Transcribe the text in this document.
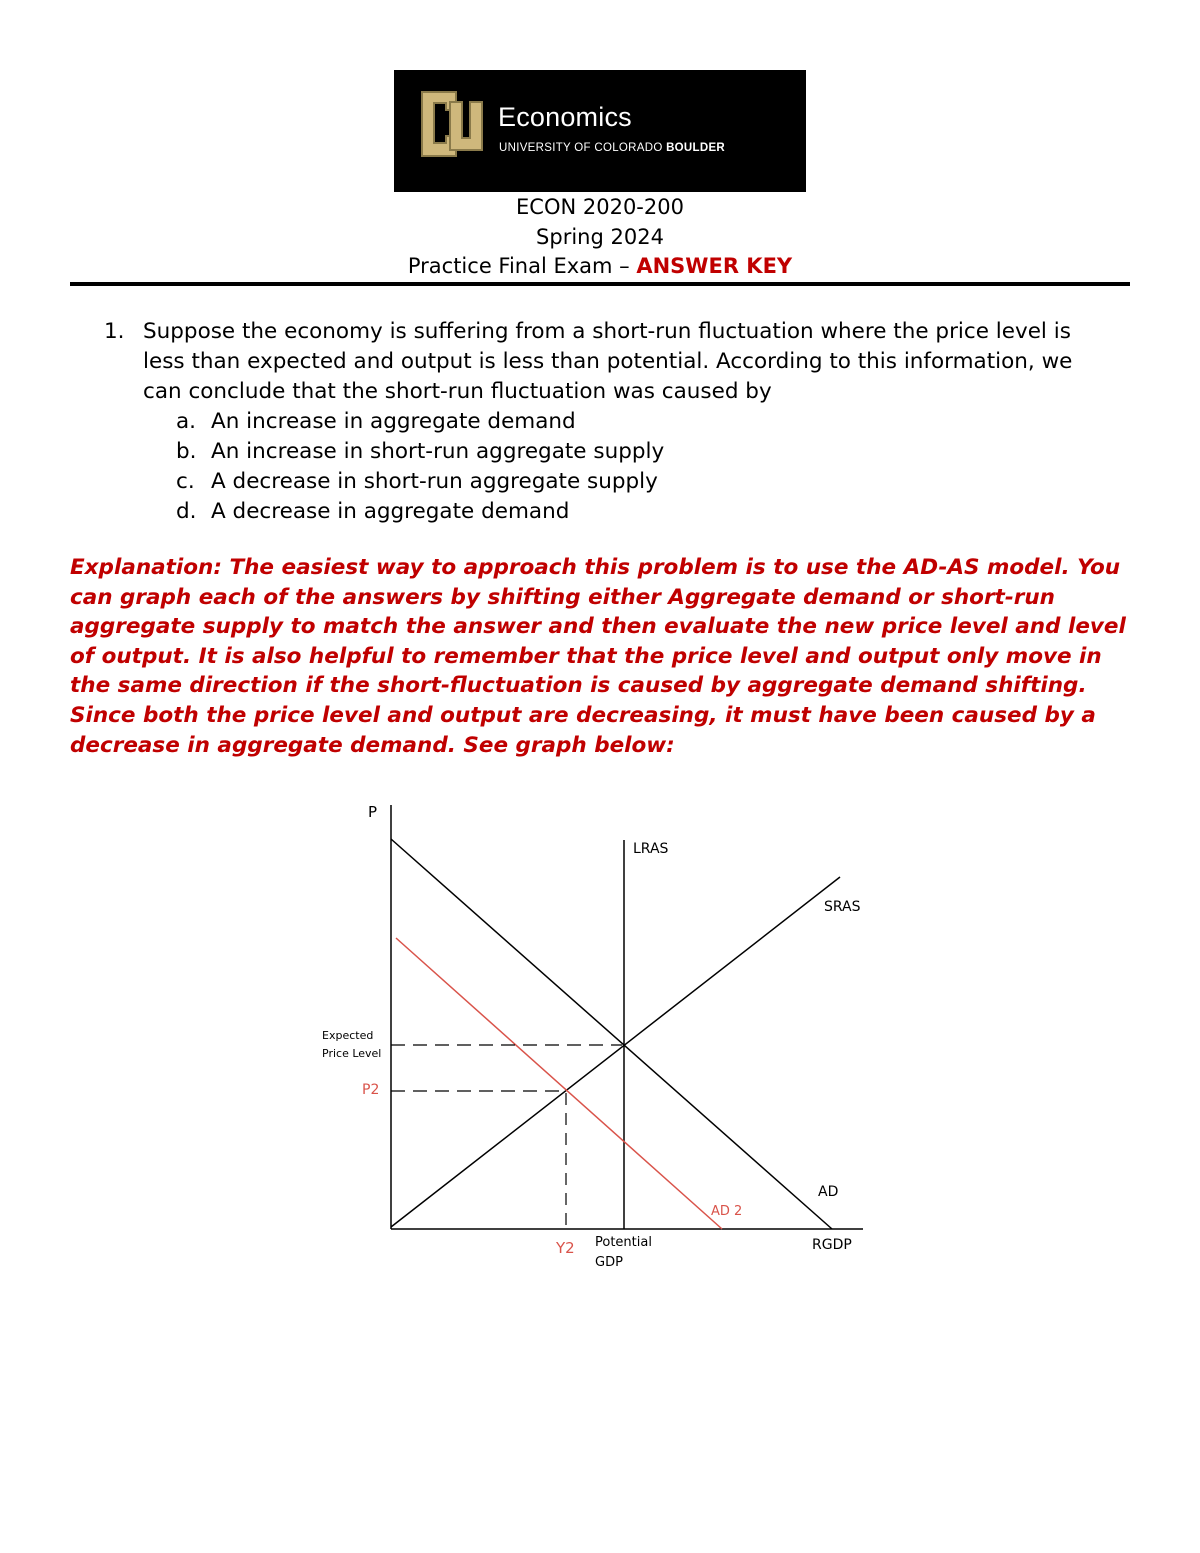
Economics
UNIVERSITY OF COLORADO BOULDER
ECON 2020-200
Spring 2024
Practice Final Exam – ANSWER KEY
1. Suppose the economy is suffering from a short-run fluctuation where the price level is less than expected and output is less than potential. According to this information, we can conclude that the short-run fluctuation was caused by
a. An increase in aggregate demand
b. An increase in short-run aggregate supply
c. A decrease in short-run aggregate supply
d. A decrease in aggregate demand
Explanation: The easiest way to approach this problem is to use the AD-AS model. You can graph each of the answers by shifting either Aggregate demand or short-run aggregate supply to match the answer and then evaluate the new price level and level of output. It is also helpful to remember that the price level and output only move in the same direction if the short-fluctuation is caused by aggregate demand shifting. Since both the price level and output are decreasing, it must have been caused by a decrease in aggregate demand. See graph below:
P
LRAS
SRAS
AD
AD 2
Expected
Price Level
P2
Y2 Potential
GDP
RGDP
